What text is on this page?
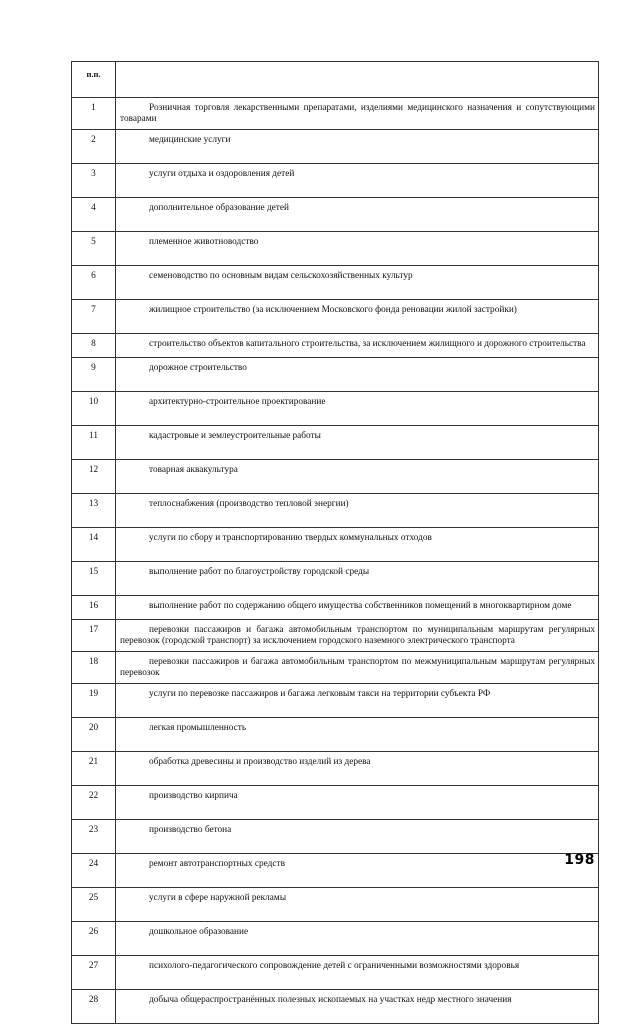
п.п.	
1	Розничная торговля лекарственными препаратами, изделиями медицинского назначения и сопутствующими товарами

2	медицинские услуги

3	услуги отдыха и оздоровления детей

4	дополнительное образование детей

5	племенное животноводство

6	семеноводство по основным видам сельскохозяйственных культур

7	жилищное строительство (за исключением Московского фонда реновации жилой застройки)

8	строительство объектов капитального строительства, за исключением жилищного и дорожного строительства

9	дорожное строительство

10	архитектурно-строительное проектирование

11	кадастровые и землеустроительные работы

12	товарная аквакультура

13	теплоснабжения (производство тепловой энергии)

14	услуги по сбору и транспортированию твердых коммунальных отходов

15	выполнение работ по благоустройству городской среды

16	выполнение работ по содержанию общего имущества собственников помещений в многоквартирном доме

17	перевозки пассажиров и багажа автомобильным транспортом по муниципальным маршрутам регулярных перевозок (городской транспорт) за исключением городского наземного электрического транспорта

18	перевозки пассажиров и багажа автомобильным транспортом по межмуниципальным маршрутам регулярных перевозок

19	услуги по перевозке пассажиров и багажа легковым такси на территории субъекта РФ

20	легкая промышленность

21	обработка древесины и производство изделий из дерева

22	производство кирпича

23	производство бетона

24	ремонт автотранспортных средств

25	услуги в сфере наружной рекламы

26	дошкольное образование

27	психолого-педагогического сопровождение детей с ограниченными возможностями здоровья

28	добыча общераспространённых полезных ископаемых на участках недр местного значения
198
